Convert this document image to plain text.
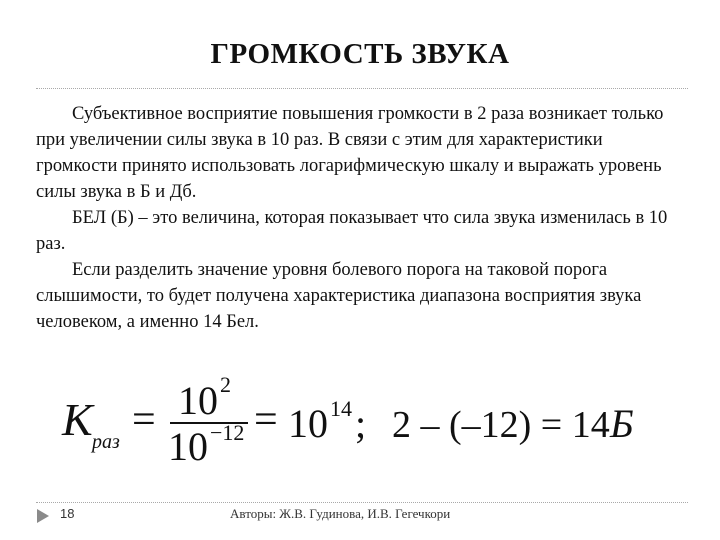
ГРОМКОСТЬ ЗВУКА

Субъективное восприятие повышения громкости в 2 раза возникает только при увеличении силы звука в 10 раз. В связи с этим для характеристики громкости принято использовать логарифмическую шкалу и выражать уровень силы звука в Б и Дб.

БЕЛ (Б) – это величина, которая показывает что сила звука изменилась в 10 раз.

Если разделить значение уровня болевого порога на таковой порога слышимости, то будет получена характеристика диапазона восприятия звука человеком, а именно 14 Бел.

К раз = 10 2
10 −12 = 10 14 ; 2 – (–12) = 14 Б
18	Авторы: Ж.В. Гудинова, И.В. Гегечкори
